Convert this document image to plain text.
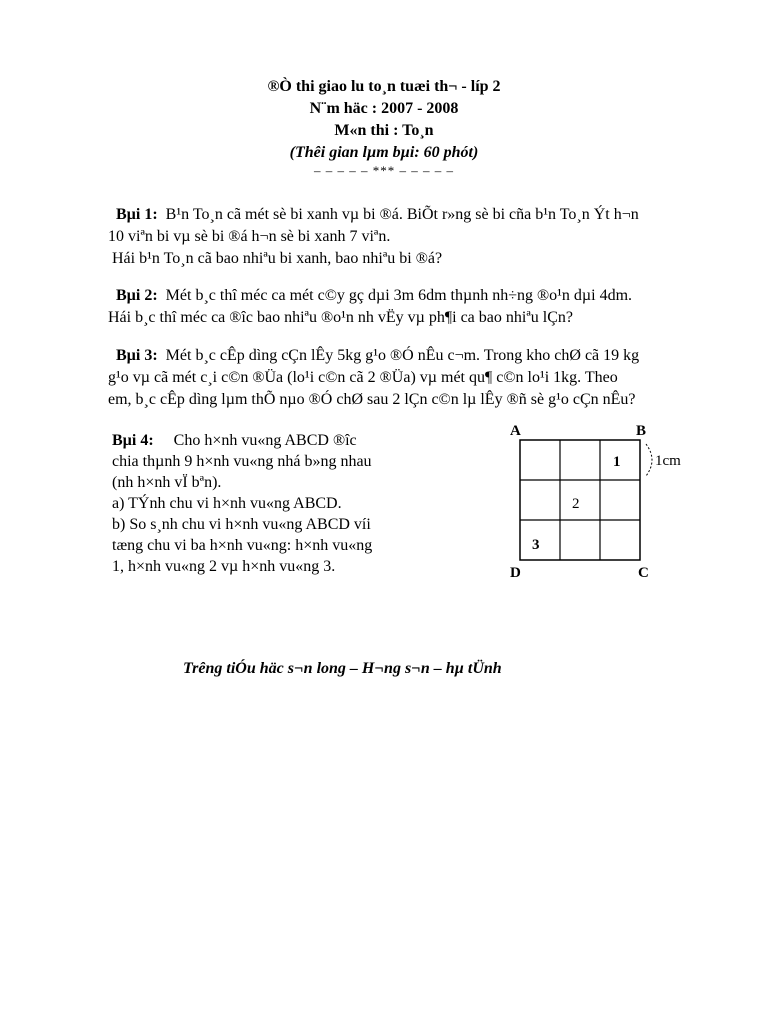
®Ò thi giao lu to¸n tuæi th¬ - líp 2
N¨m häc : 2007 - 2008
M«n thi : To¸n
(Thêi gian lµm bµi: 60 phót)
– – – – – *** – – – – –
Bµi 1: B¹n To¸n cã mét sè bi xanh vµ bi ®á. BiÕt r»ng sè bi cña b¹n To¸n Ýt h¬n
10 viªn bi vµ sè bi ®á h¬n sè bi xanh 7 viªn.
Hái b¹n To¸n cã bao nhiªu bi xanh, bao nhiªu bi ®á?
Bµi 2: Mét b¸c thî méc ca mét c©y gç dµi 3m 6dm thµnh nh÷ng ®o¹n dµi 4dm.
Hái b¸c thî méc ca ®îc bao nhiªu ®o¹n nh vËy vµ ph¶i ca bao nhiªu lÇn?
Bµi 3: Mét b¸c cÊp dìng cÇn lÊy 5kg g¹o ®Ó nÊu c¬m. Trong kho chØ cã 19 kg
g¹o vµ cã mét c¸i c©n ®Üa (lo¹i c©n cã 2 ®Üa) vµ mét qu¶ c©n lo¹i 1kg. Theo
em, b¸c cÊp dìng lµm thÕ nµo ®Ó chØ sau 2 lÇn c©n lµ lÊy ®ñ sè g¹o cÇn nÊu?
Bµi 4: Cho h×nh vu«ng ABCD ®îc
chia thµnh 9 h×nh vu«ng nhá b»ng nhau
(nh h×nh vÏ bªn).
a) TÝnh chu vi h×nh vu«ng ABCD.
b) So s¸nh chu vi h×nh vu«ng ABCD víi
tæng chu vi ba h×nh vu«ng: h×nh vu«ng
1, h×nh vu«ng 2 vµ h×nh vu«ng 3.
A	B
C
D
1
2
3
1cm
Trêng tiÓu häc s¬n long – H¬ng s¬n – hµ tÜnh
